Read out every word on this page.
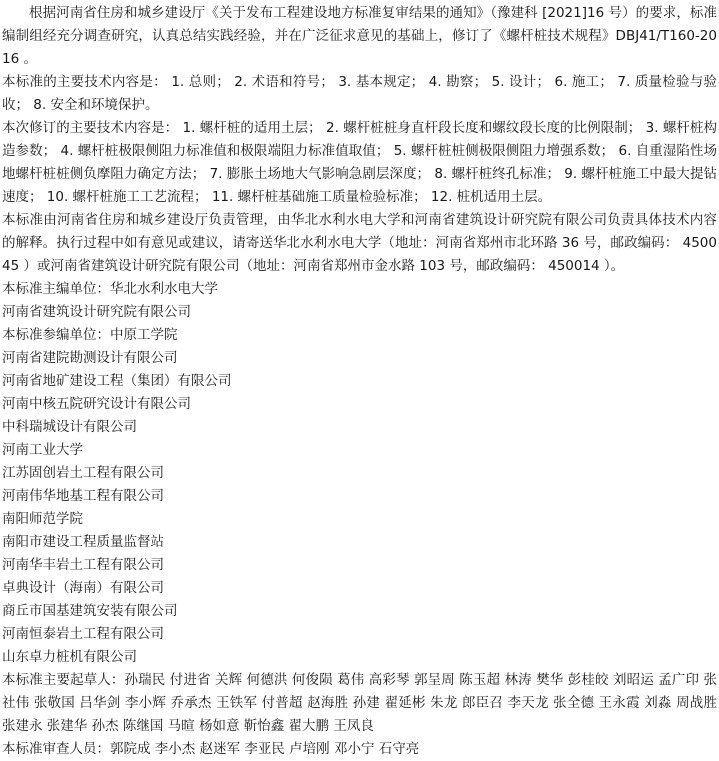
根据河南省住房和城乡建设厅《关于发布工程建设地方标准复审结果的通知》（豫建科 [2021]16 号）的要求，标准编制组经充分调查研究，认真总结实践经验，并在广泛征求意见的基础上，修订了《螺杆桩技术规程》DBJ41/T160-2016 。

本标准的主要技术内容是： 1. 总则； 2. 术语和符号； 3. 基本规定； 4. 勘察； 5. 设计； 6. 施工； 7. 质量检验与验收； 8. 安全和环境保护。

本次修订的主要技术内容是： 1. 螺杆桩的适用土层； 2. 螺杆桩桩身直杆段长度和螺纹段长度的比例限制； 3. 螺杆桩构造参数； 4. 螺杆桩极限侧阻力标准值和极限端阻力标准值取值； 5. 螺杆桩桩侧极限侧阻力增强系数； 6. 自重湿陷性场地螺杆桩桩侧负摩阻力确定方法； 7. 膨胀土场地大气影响急剧层深度； 8. 螺杆桩终孔标准； 9. 螺杆桩施工中最大提钻速度； 10. 螺杆桩施工工艺流程； 11. 螺杆桩基础施工质量检验标准； 12. 桩机适用土层。

本标准由河南省住房和城乡建设厅负责管理，由华北水利水电大学和河南省建筑设计研究院有限公司负责具体技术内容的解释。执行过程中如有意见或建议，请寄送华北水利水电大学（地址：河南省郑州市北环路 36 号，邮政编码： 450045 ）或河南省建筑设计研究院有限公司（地址：河南省郑州市金水路 103 号，邮政编码： 450014 ）。

本标准主编单位：华北水利水电大学

河南省建筑设计研究院有限公司

本标准参编单位：中原工学院

河南省建院勘测设计有限公司

河南省地矿建设工程（集团）有限公司

河南中核五院研究设计有限公司

中科瑞城设计有限公司

河南工业大学

江苏固创岩土工程有限公司

河南伟华地基工程有限公司

南阳师范学院

南阳市建设工程质量监督站

河南华丰岩土工程有限公司

卓典设计（海南）有限公司

商丘市国基建筑安装有限公司

河南恒泰岩土工程有限公司

山东卓力桩机有限公司

本标准主要起草人：孙瑞民 付进省 关辉 何德洪 何俊陨 葛伟 高彩琴 郭呈周 陈玉超 林涛 樊华 彭桂皎 刘昭运 孟广印 张社伟 张敬国 吕华剑 李小辉 乔承杰 王铁军 付普超 赵海胜 孙建 翟延彬 朱龙 郎臣召 李天龙 张全德 王永霞 刘淼 周战胜 张建永 张建华 孙杰 陈继国 马暄 杨如意 靳怡鑫 翟大鹏 王凤良

本标准审查人员：郭院成 李小杰 赵迷军 李亚民 卢培刚 邓小宁 石守亮
